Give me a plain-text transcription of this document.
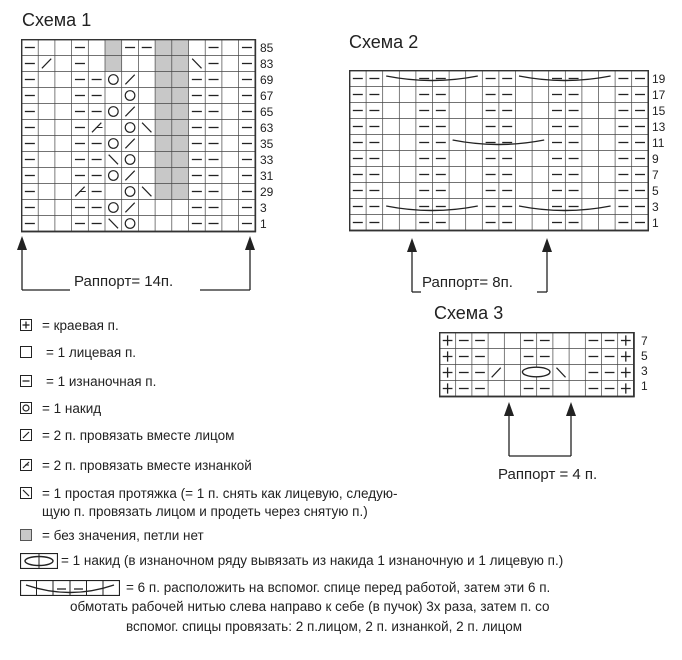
Схема 1
85
83
69
67
65
63
35
33
31
29
3
1
Раппорт= 14п.
Схема 2
19
17
15
13
11
9
7
5
3
1
Раппорт= 8п.
Схема 3
7
5
3
1
Раппорт = 4 п.
= краевая п.
= 1 лицевая п.
= 1 изнаночная п.
= 1 накид
= 2 п. провязать вместе лицом
= 2 п. провязать вместе изнанкой
= 1 простая протяжка (= 1 п. снять как лицевую, следую-
щую п. провязать лицом и продеть через снятую п.)
= без значения, петли нет
= 1 накид (в изнаночном ряду вывязать из накида 1 изнаночную и 1 лицевую п.)
= 6 п. расположить на вспомог. спице перед работой, затем эти 6 п.
обмотать рабочей нитью слева направо к себе (в пучок) 3x раза, затем п. со
вспомог. спицы провязать: 2 п.лицом, 2 п. изнанкой, 2 п. лицом
